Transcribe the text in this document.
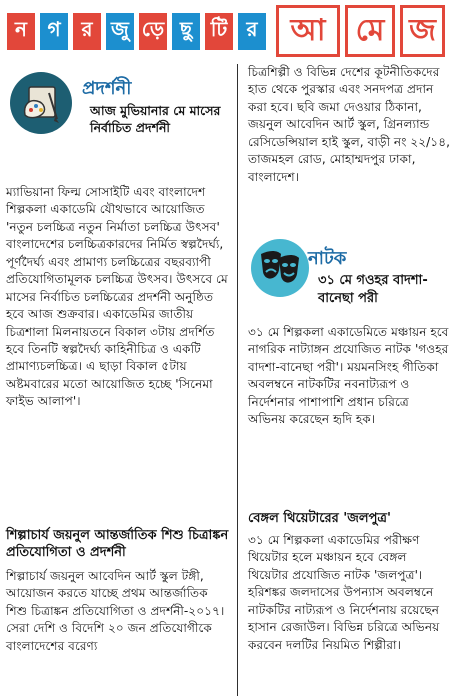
ন	গ	র জু ড়ে ছু টি র	আ	মে জ
প্রদর্শনী
আজ মুভিয়ানার মে মাসের নির্বাচিত প্রদর্শনী

ম্যাভিয়ানা ফিল্ম সোসাইটি এবং বাংলাদেশ শিল্পকলা একাডেমি যৌথভাবে আয়োজিত 'নতুন চলচ্চিত্র নতুন নির্মাতা চলচ্চিত্র উৎসব' বাংলাদেশের চলচ্চিত্রকারদের নির্মিত স্বল্পদৈর্ঘ্য, পূর্ণদৈর্ঘ্য এবং প্রামাণ্য চলচ্চিত্রের বছরব্যাপী প্রতিযোগিতামূলক চলচ্চিত্র উৎসব। উৎসবে মে মাসের নির্বাচিত চলচ্চিত্রের প্রদর্শনী অনুষ্ঠিত হবে আজ শুক্রবার। একাডেমির জাতীয় চিত্রশালা মিলনায়তনে বিকাল ৩টায় প্রদর্শিত হবে তিনটি স্বল্পদৈর্ঘ্য কাহিনীচিত্র ও একটি প্রামাণ্যচলচ্চিত্র। এ ছাড়া বিকাল ৫টায় অষ্টমবারের মতো আয়োজিত হচ্ছে 'সিনেমা ফাইভ আলাপ'।

শিল্পাচার্য জয়নুল আন্তর্জাতিক শিশু চিত্রাঙ্কন প্রতিযোগিতা ও প্রদর্শনী

শিল্পাচার্য জয়নুল আবেদিন আর্ট স্কুল টঙ্গী, আয়োজন করতে যাচ্ছে প্রথম আন্তর্জাতিক শিশু চিত্রাঙ্কন প্রতিযোগিতা ও প্রদর্শনী-২০১৭। সেরা দেশি ও বিদেশি ২০ জন প্রতিযোগীকে বাংলাদেশের বরেণ্য

চিত্রশিল্পী ও বিভিন্ন দেশের কূটনীতিকদের হাত থেকে পুরস্কার এবং সনদপত্র প্রদান করা হবে। ছবি জমা দেওয়ার ঠিকানা, জয়নুল আবেদিন আর্ট স্কুল, গ্রিনল্যান্ড রেসিডেন্সিয়াল হাই স্কুল, বাড়ী নং ২২/১৪, তাজমহল রোড, মোহাম্মদপুর ঢাকা, বাংলাদেশ।

নাটক
৩১ মে গওহর বাদশা-বানেছা পরী

৩১ মে শিল্পকলা একাডেমিতে মঞ্চায়ন হবে নাগরিক নাট্যাঙ্গন প্রযোজিত নাটক 'গওহর বাদশা-বানেছা পরী'। ময়মনসিংহ গীতিকা অবলম্বনে নাটকটির নবনাট্যরূপ ও নির্দেশনার পাশাপাশি প্রধান চরিত্রে অভিনয় করেছেন হৃদি হক।

বেঙ্গল থিয়েটারের 'জলপুত্র'

৩১ মে শিল্পকলা একাডেমির পরীক্ষণ থিয়েটার হলে মঞ্চায়ন হবে বেঙ্গল থিয়েটার প্রযোজিত নাটক 'জলপুত্র'। হরিশঙ্কর জলদাসের উপন্যাস অবলম্বনে নাটকটির নাট্যরূপ ও নির্দেশনায় রয়েছেন হাসান রেজাউল। বিভিন্ন চরিত্রে অভিনয় করবেন দলটির নিয়মিত শিল্পীরা।
